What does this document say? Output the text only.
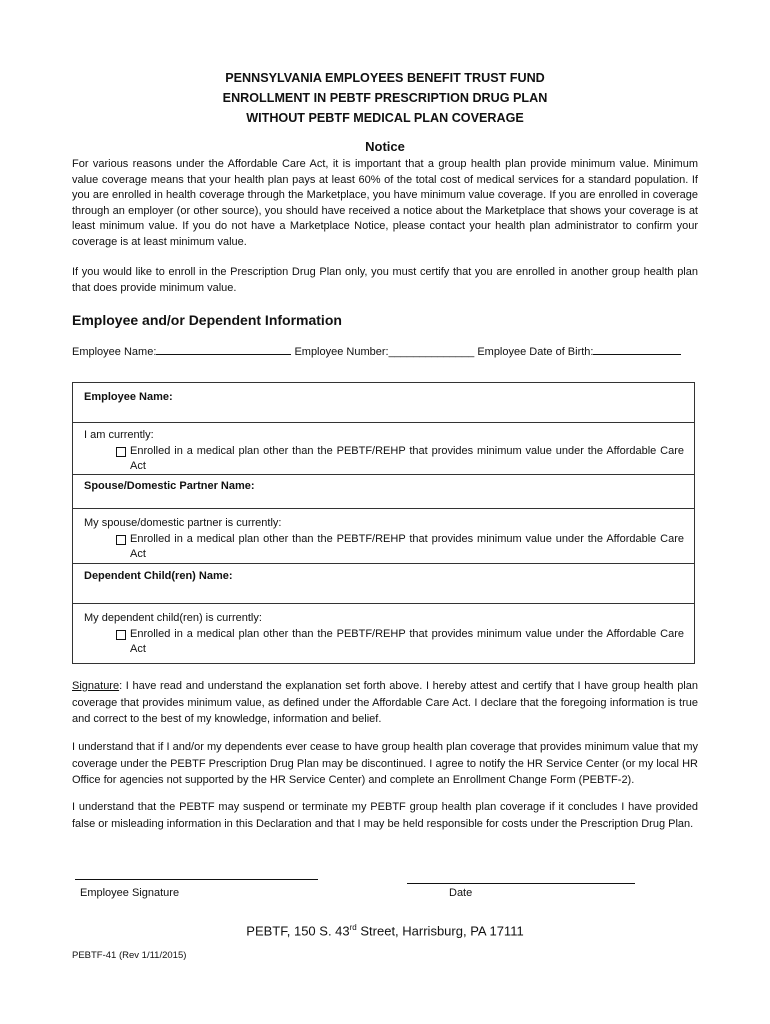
PENNSYLVANIA EMPLOYEES BENEFIT TRUST FUND
ENROLLMENT IN PEBTF PRESCRIPTION DRUG PLAN
WITHOUT PEBTF MEDICAL PLAN COVERAGE
Notice

For various reasons under the Affordable Care Act, it is important that a group health plan provide minimum value. Minimum value coverage means that your health plan pays at least 60% of the total cost of medical services for a standard population. If you are enrolled in health coverage through the Marketplace, you have minimum value coverage. If you are enrolled in coverage through an employer (or other source), you should have received a notice about the Marketplace that shows your coverage is at least minimum value. If you do not have a Marketplace Notice, please contact your health plan administrator to confirm your coverage is at least minimum value.

If you would like to enroll in the Prescription Drug Plan only, you must certify that you are enrolled in another group health plan that does provide minimum value.

Employee and/or Dependent Information
Employee Name:	Employee Number:______________ Employee Date of Birth:
Employee Name:
I am currently:
Enrolled in a medical plan other than the PEBTF/REHP that provides minimum value under the Affordable Care Act
Spouse/Domestic Partner Name:
My spouse/domestic partner is currently:
Enrolled in a medical plan other than the PEBTF/REHP that provides minimum value under the Affordable Care Act
Dependent Child(ren) Name:
My dependent child(ren) is currently:
Enrolled in a medical plan other than the PEBTF/REHP that provides minimum value under the Affordable Care Act

Signature: I have read and understand the explanation set forth above. I hereby attest and certify that I have group health plan coverage that provides minimum value, as defined under the Affordable Care Act. I declare that the foregoing information is true and correct to the best of my knowledge, information and belief.

I understand that if I and/or my dependents ever cease to have group health plan coverage that provides minimum value that my coverage under the PEBTF Prescription Drug Plan may be discontinued. I agree to notify the HR Service Center (or my local HR Office for agencies not supported by the HR Service Center) and complete an Enrollment Change Form (PEBTF-2).

I understand that the PEBTF may suspend or terminate my PEBTF group health plan coverage if it concludes I have provided false or misleading information in this Declaration and that I may be held responsible for costs under the Prescription Drug Plan.

Employee Signature	Date
PEBTF, 150 S. 43rd Street, Harrisburg, PA 17111
PEBTF-41 (Rev 1/11/2015)
